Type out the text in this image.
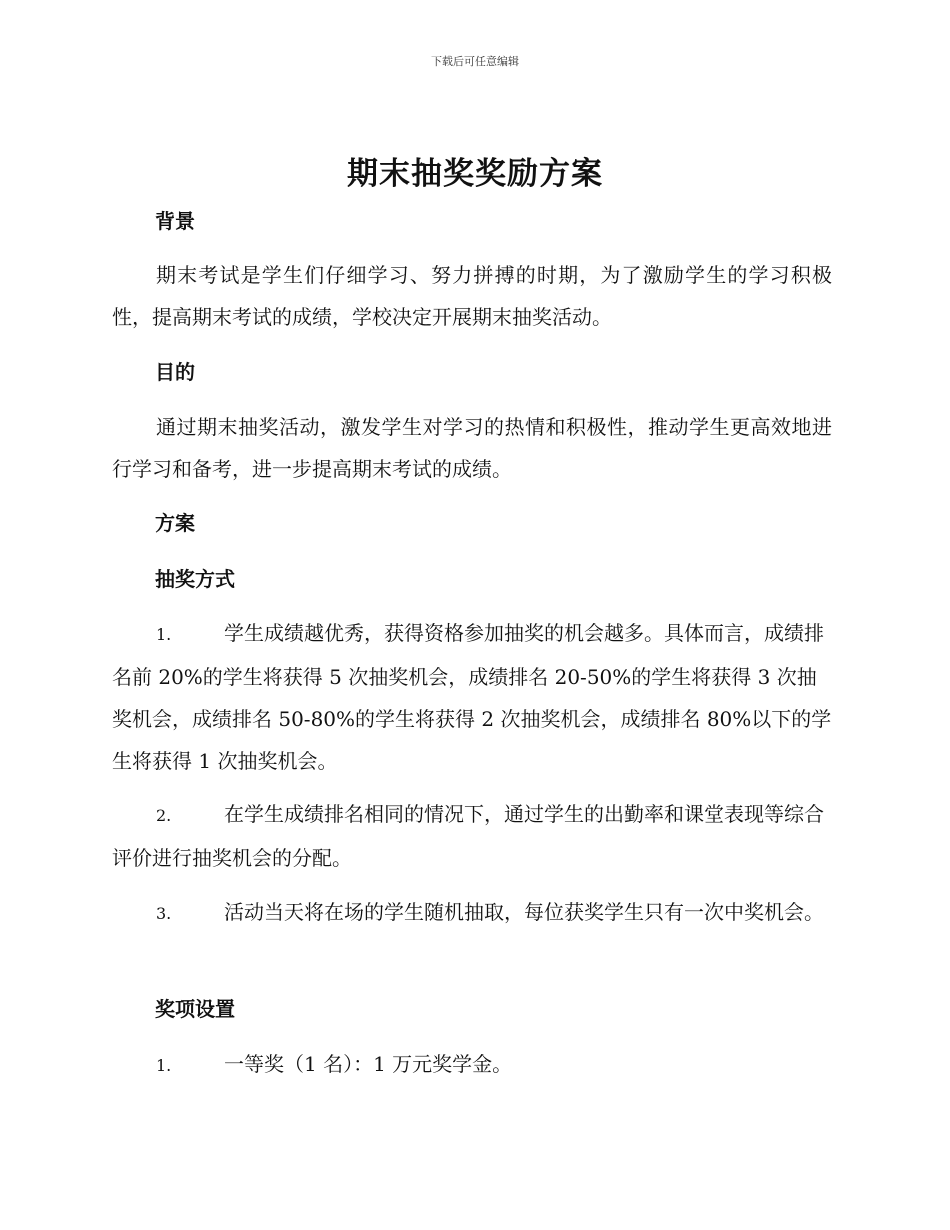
下载后可任意编辑
期末抽奖奖励方案
背景
期末考试是学生们仔细学习、努力拼搏的时期，为了激励学生的学习积极性，提高期末考试的成绩，学校决定开展期末抽奖活动。
目的
通过期末抽奖活动，激发学生对学习的热情和积极性，推动学生更高效地进行学习和备考，进一步提高期末考试的成绩。
方案
抽奖方式
1.	学生成绩越优秀，获得资格参加抽奖的机会越多。具体而言，成绩排名前 20%的学生将获得 5 次抽奖机会，成绩排名 20-50%的学生将获得 3 次抽奖机会，成绩排名 50-80%的学生将获得 2 次抽奖机会，成绩排名 80%以下的学生将获得 1 次抽奖机会。
2.	在学生成绩排名相同的情况下，通过学生的出勤率和课堂表现等综合评价进行抽奖机会的分配。
3.	活动当天将在场的学生随机抽取，每位获奖学生只有一次中奖机会。
奖项设置
1.	一等奖（1 名）：1 万元奖学金。
